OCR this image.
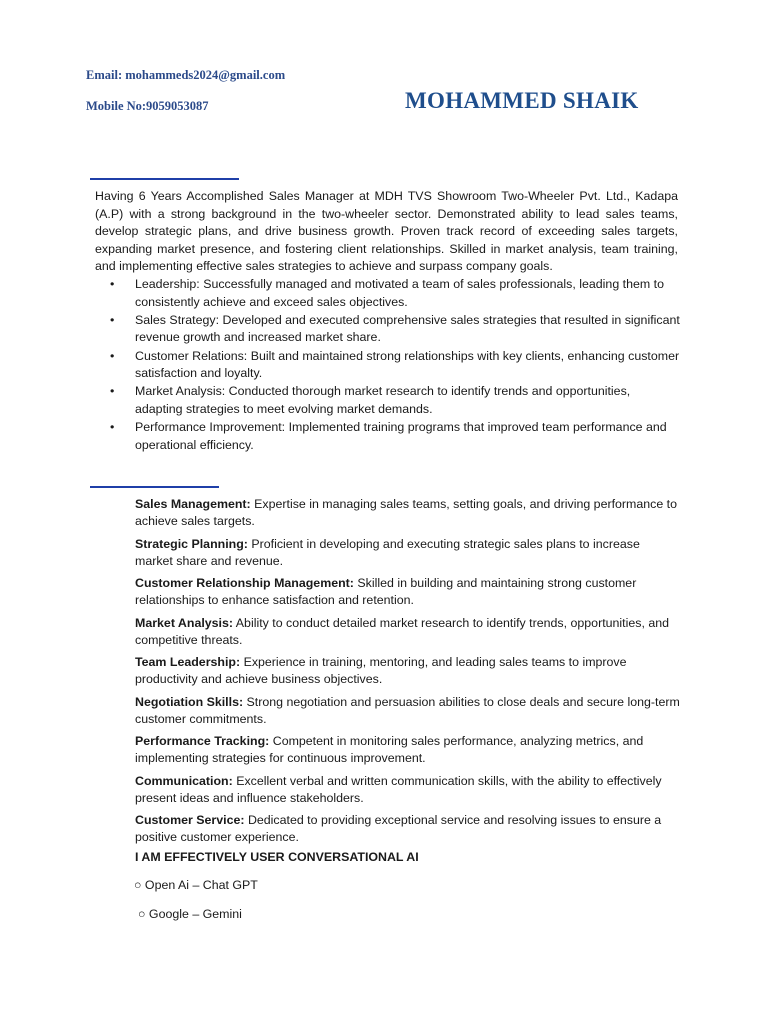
Email: mohammeds2024@gmail.com
Mobile No:9059053087	MOHAMMED SHAIK
Having 6 Years Accomplished Sales Manager at MDH TVS Showroom Two-Wheeler Pvt. Ltd., Kadapa (A.P) with a strong background in the two-wheeler sector. Demonstrated ability to lead sales teams, develop strategic plans, and drive business growth. Proven track record of exceeding sales targets, expanding market presence, and fostering client relationships. Skilled in market analysis, team training, and implementing effective sales strategies to achieve and surpass company goals.
• Leadership: Successfully managed and motivated a team of sales professionals, leading them to consistently achieve and exceed sales objectives.
• Sales Strategy: Developed and executed comprehensive sales strategies that resulted in significant revenue growth and increased market share.
• Customer Relations: Built and maintained strong relationships with key clients, enhancing customer satisfaction and loyalty.
• Market Analysis: Conducted thorough market research to identify trends and opportunities, adapting strategies to meet evolving market demands.
• Performance Improvement: Implemented training programs that improved team performance and operational efficiency.
Sales Management: Expertise in managing sales teams, setting goals, and driving performance to achieve sales targets.
Strategic Planning: Proficient in developing and executing strategic sales plans to increase market share and revenue.
Customer Relationship Management: Skilled in building and maintaining strong customer relationships to enhance satisfaction and retention.
Market Analysis: Ability to conduct detailed market research to identify trends, opportunities, and competitive threats.
Team Leadership: Experience in training, mentoring, and leading sales teams to improve productivity and achieve business objectives.
Negotiation Skills: Strong negotiation and persuasion abilities to close deals and secure long-term customer commitments.
Performance Tracking: Competent in monitoring sales performance, analyzing metrics, and implementing strategies for continuous improvement.
Communication: Excellent verbal and written communication skills, with the ability to effectively present ideas and influence stakeholders.
Customer Service: Dedicated to providing exceptional service and resolving issues to ensure a positive customer experience.
I AM EFFECTIVELY USER CONVERSATIONAL AI
○ Open Ai – Chat GPT
○ Google – Gemini
